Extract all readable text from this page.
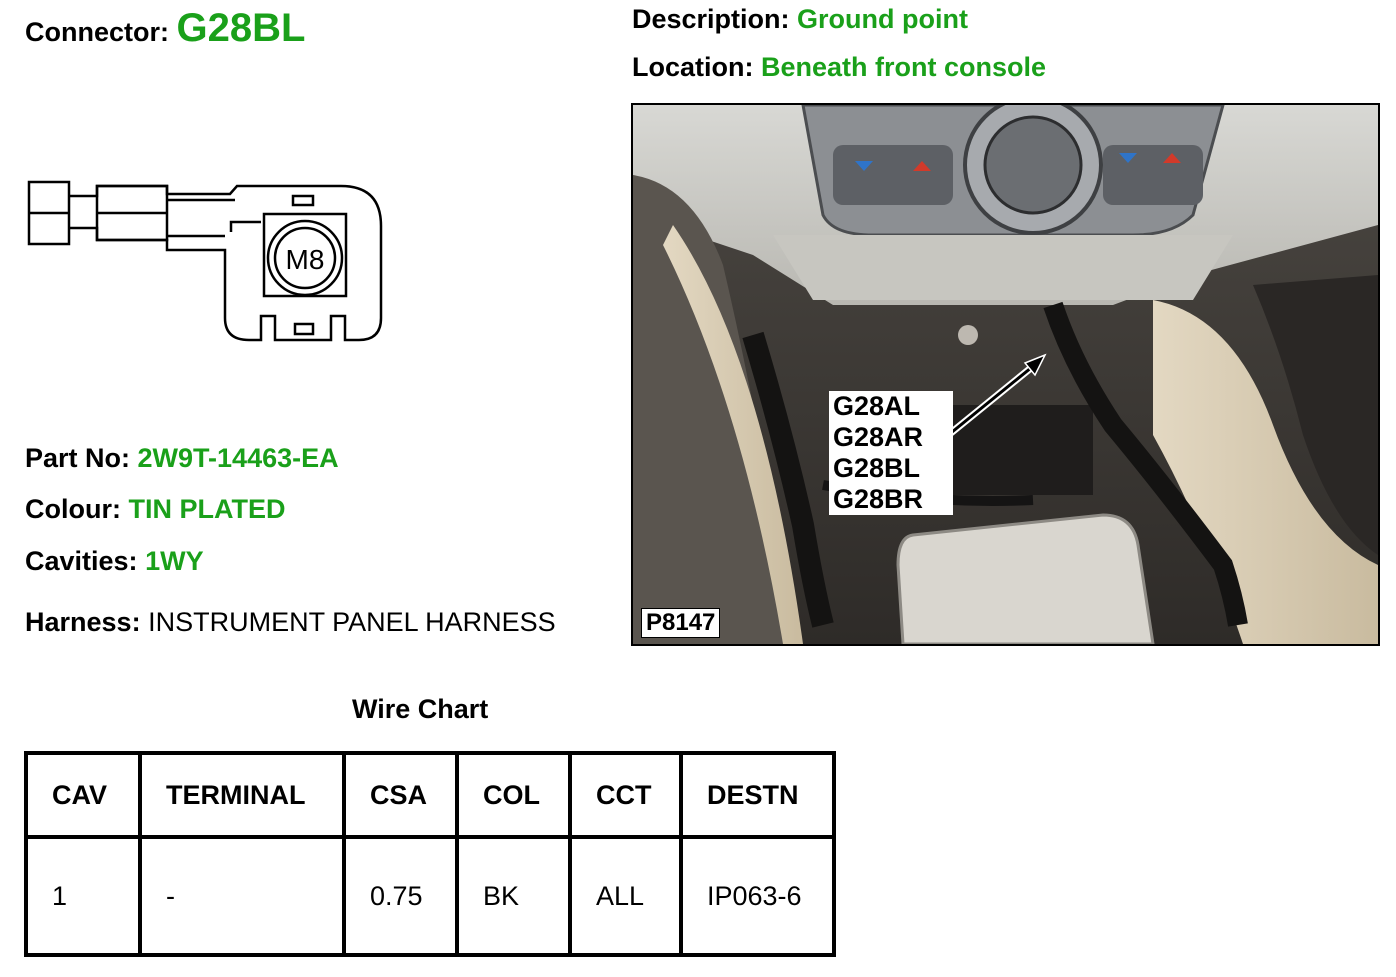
Connector: G28BL	Description: Ground point
Location: Beneath front console
M8
G28AL
G28AR
G28BL
G28BR
P8147
Part No: 2W9T-14463-EA
Colour: TIN PLATED
Cavities: 1WY
Harness: INSTRUMENT PANEL HARNESS
Wire Chart
CAV	TERMINAL	CSA	COL	CCT	DESTN
1	-	0.75	BK	ALL	IP063-6
